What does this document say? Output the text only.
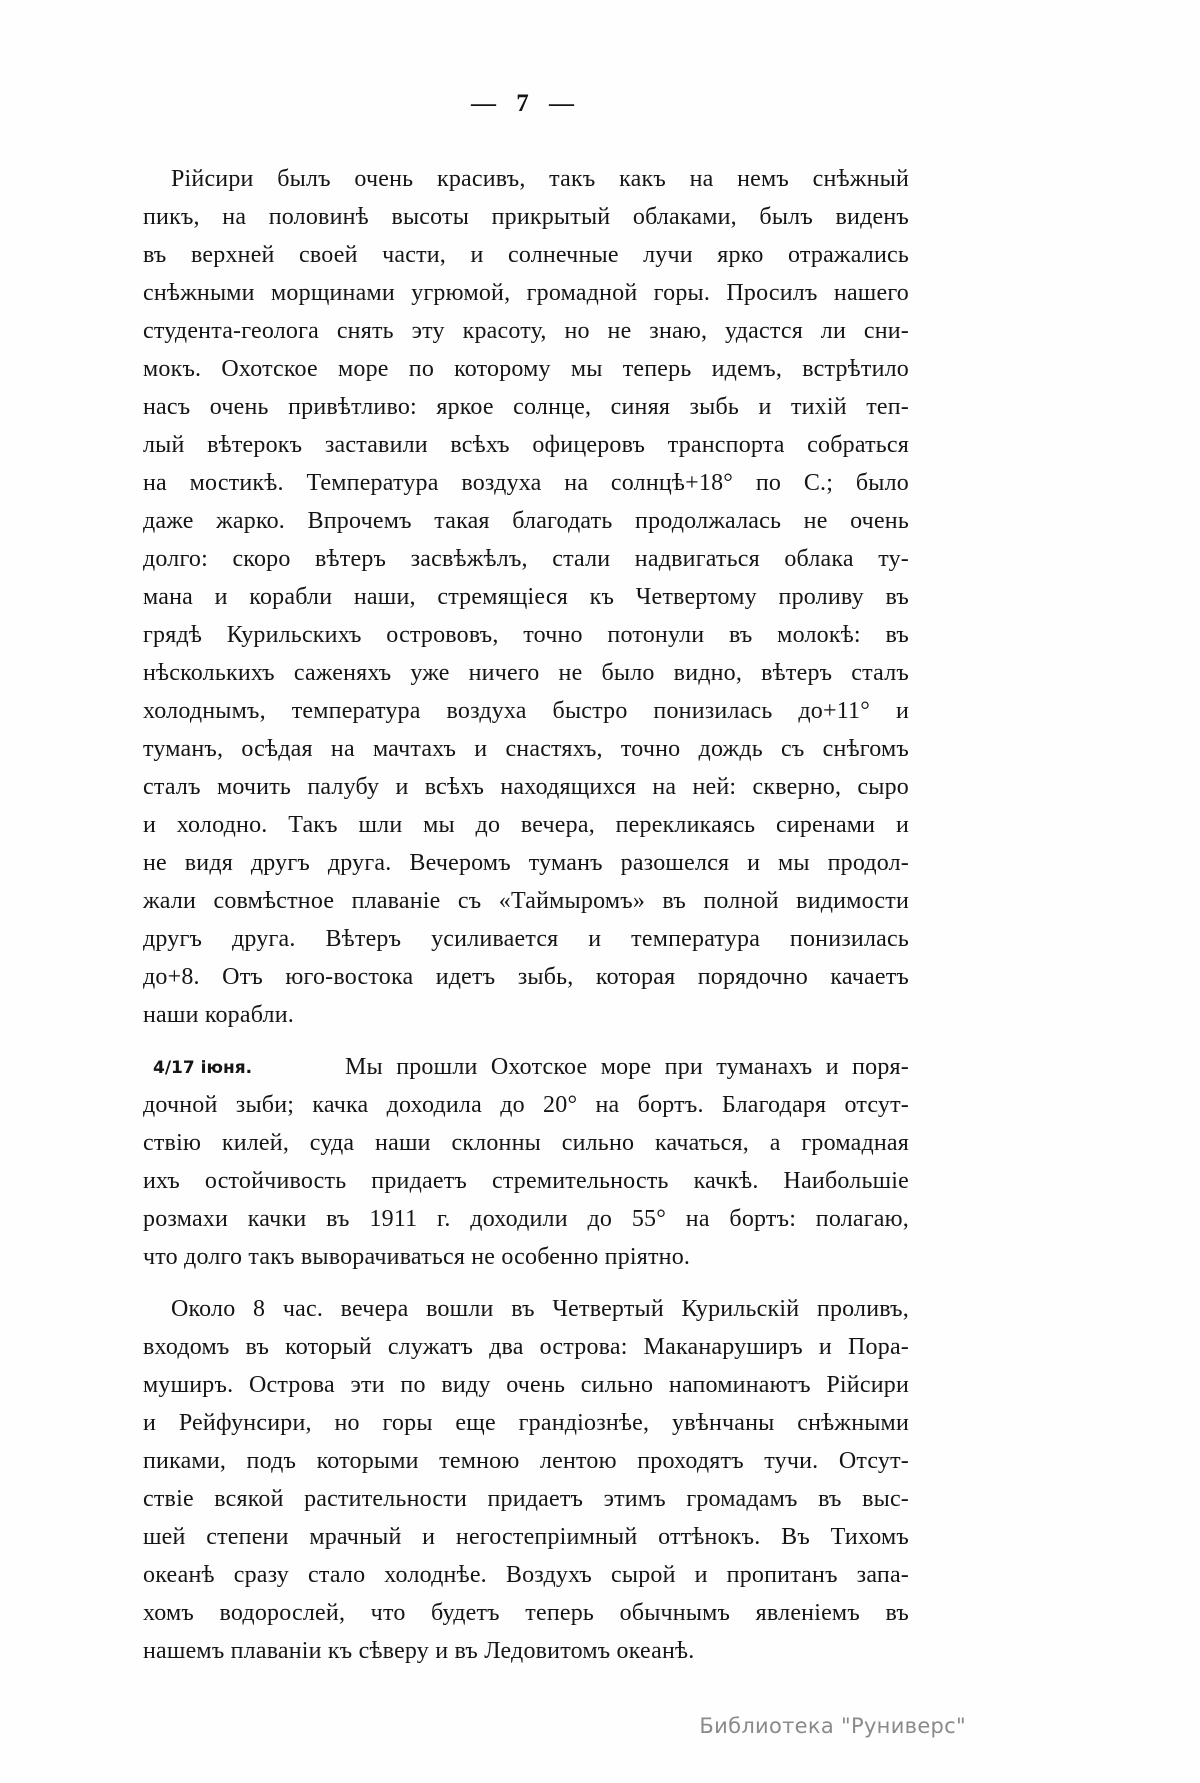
— 7 —
Рійсири былъ очень красивъ, такъ какъ на немъ снѣжный
пикъ, на половинѣ высоты прикрытый облаками, былъ виденъ
въ верхней своей части, и солнечные лучи ярко отражались
снѣжными морщинами угрюмой, громадной горы. Просилъ нашего
студента-геолога снять эту красоту, но не знаю, удастся ли сни-
мокъ. Охотское море по которому мы теперь идемъ, встрѣтило
насъ очень привѣтливо: яркое солнце, синяя зыбь и тихій теп-
лый вѣтерокъ заставили всѣхъ офицеровъ транспорта собраться
на мостикѣ. Температура воздуха на солнцѣ+18° по С.; было
даже жарко. Впрочемъ такая благодать продолжалась не очень
долго: скоро вѣтеръ засвѣжѣлъ, стали надвигаться облака ту-
мана и корабли наши, стремящіеся къ Четвертому проливу въ
грядѣ Курильскихъ острововъ, точно потонули въ молокѣ: въ
нѣсколькихъ саженяхъ уже ничего не было видно, вѣтеръ сталъ
холоднымъ, температура воздуха быстро понизилась до+11° и
туманъ, осѣдая на мачтахъ и снастяхъ, точно дождь съ снѣгомъ
сталъ мочить палубу и всѣхъ находящихся на ней: скверно, сыро
и холодно. Такъ шли мы до вечера, перекликаясь сиренами и
не видя другъ друга. Вечеромъ туманъ разошелся и мы продол-
жали совмѣстное плаваніе съ «Таймыромъ» въ полной видимости
другъ друга. Вѣтеръ усиливается и температура понизилась
до+8. Отъ юго-востока идетъ зыбь, которая порядочно качаетъ
наши корабли.
4/17 іюня.	Мы прошли Охотское море при туманахъ и поря-
дочной зыби; качка доходила до 20° на бортъ. Благодаря отсут-
ствію килей, суда наши склонны сильно качаться, а громадная
ихъ остойчивость придаетъ стремительность качкѣ. Наибольшіе
розмахи качки въ 1911 г. доходили до 55° на бортъ: полагаю,
что долго такъ выворачиваться не особенно пріятно.
Около 8 час. вечера вошли въ Четвертый Курильскій проливъ,
входомъ въ который служатъ два острова: Маканаруширъ и Пора-
муширъ. Острова эти по виду очень сильно напоминаютъ Рійсири
и Рейфунсири, но горы еще грандіознѣе, увѣнчаны снѣжными
пиками, подъ которыми темною лентою проходятъ тучи. Отсут-
ствіе всякой растительности придаетъ этимъ громадамъ въ выс-
шей степени мрачный и негостепріимный оттѣнокъ. Въ Тихомъ
океанѣ сразу стало холоднѣе. Воздухъ сырой и пропитанъ запа-
хомъ водорослей, что будетъ теперь обычнымъ явленіемъ въ
нашемъ плаваніи къ сѣверу и въ Ледовитомъ океанѣ.
Библиотека "Руниверс"
